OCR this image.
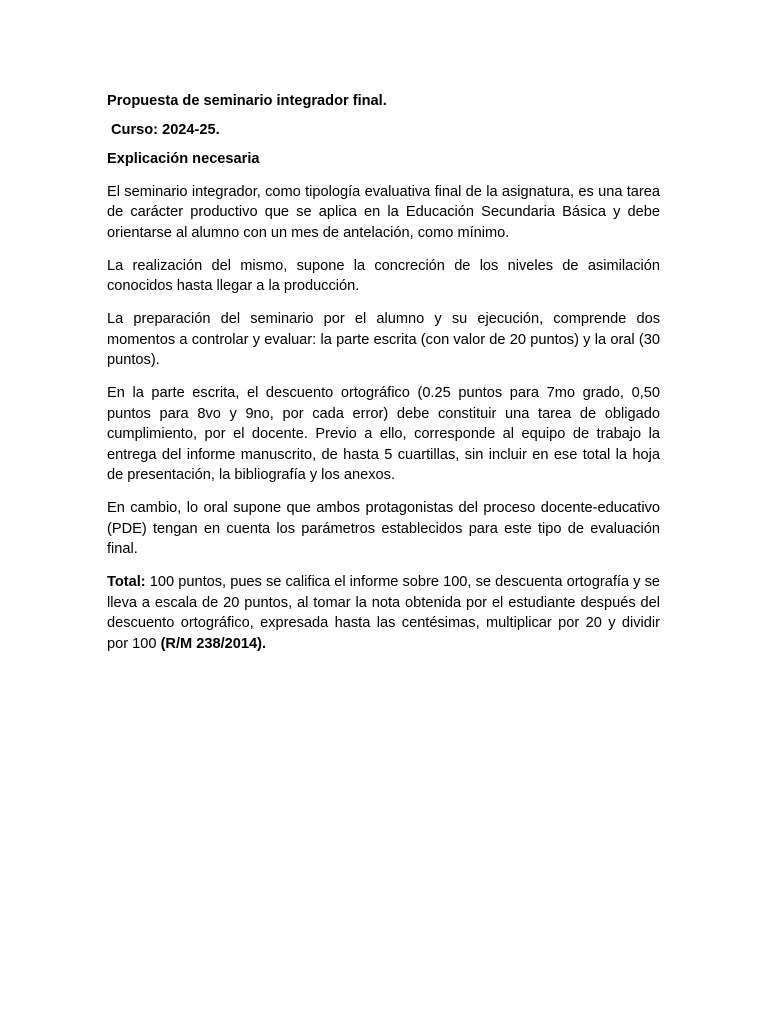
Propuesta de seminario integrador final.

Curso: 2024-25.

Explicación necesaria

El seminario integrador, como tipología evaluativa final de la asignatura, es una tarea de carácter productivo que se aplica en la Educación Secundaria Básica y debe orientarse al alumno con un mes de antelación, como mínimo.

La realización del mismo, supone la concreción de los niveles de asimilación conocidos hasta llegar a la producción.

La preparación del seminario por el alumno y su ejecución, comprende dos momentos a controlar y evaluar: la parte escrita (con valor de 20 puntos) y la oral (30 puntos).

En la parte escrita, el descuento ortográfico (0.25 puntos para 7mo grado, 0,50 puntos para 8vo y 9no, por cada error) debe constituir una tarea de obligado cumplimiento, por el docente. Previo a ello, corresponde al equipo de trabajo la entrega del informe manuscrito, de hasta 5 cuartillas, sin incluir en ese total la hoja de presentación, la bibliografía y los anexos.

En cambio, lo oral supone que ambos protagonistas del proceso docente-educativo (PDE) tengan en cuenta los parámetros establecidos para este tipo de evaluación final.

Total: 100 puntos, pues se califica el informe sobre 100, se descuenta ortografía y se lleva a escala de 20 puntos, al tomar la nota obtenida por el estudiante después del descuento ortográfico, expresada hasta las centésimas, multiplicar por 20 y dividir por 100 (R/M 238/2014).
